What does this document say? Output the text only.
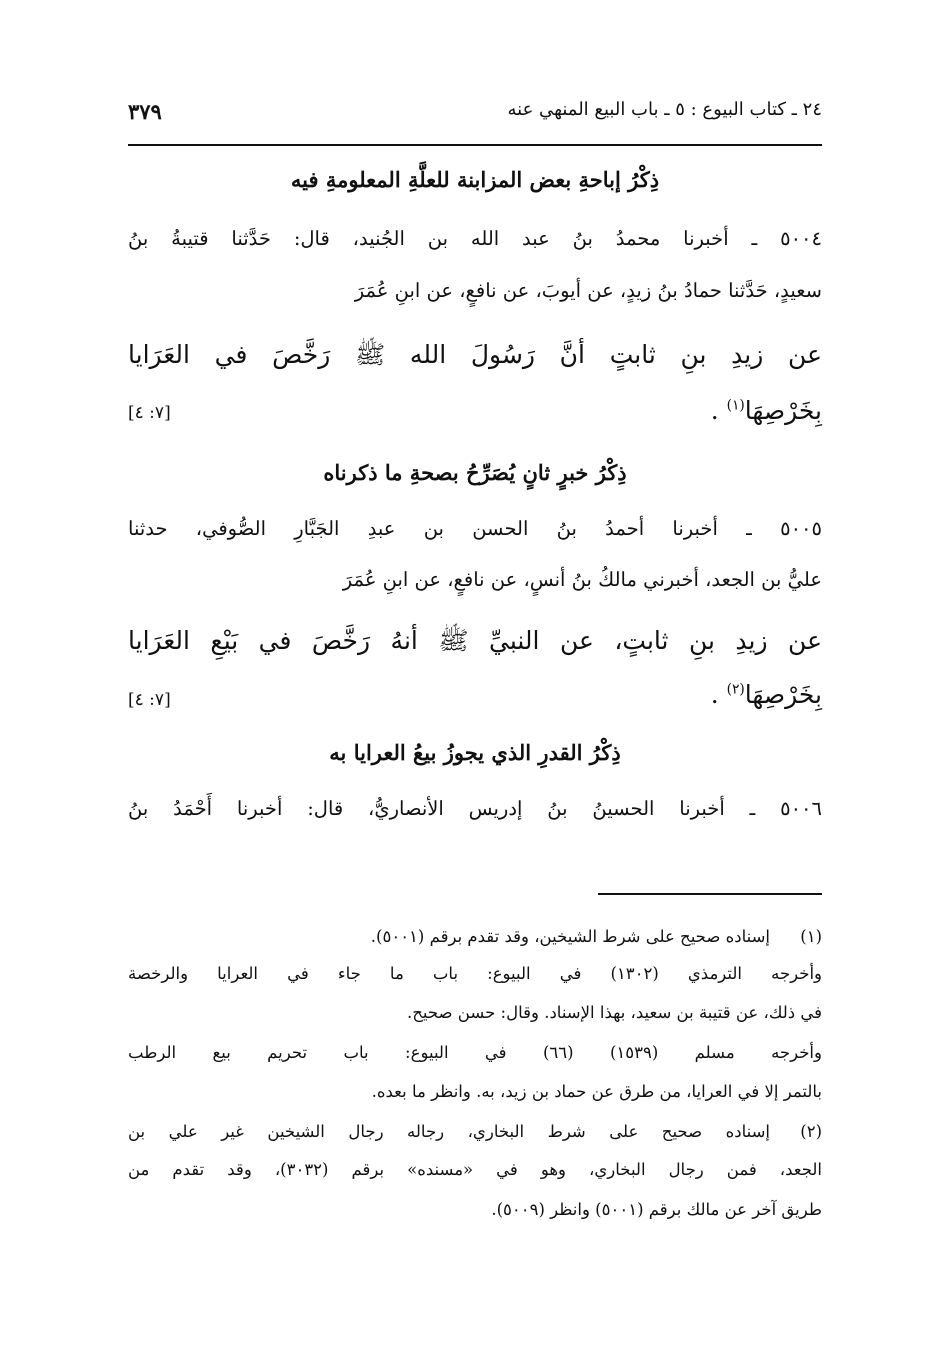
٢٤ ـ كتاب البيوع : ٥ ـ باب البيع المنهي عنه
٣٧٩
ذِكْرُ إباحةِ بعض المزابنة للعلَّةِ المعلومةِ فيه
٥٠٠٤ ـ أخبرنا محمدُ بنُ عبد الله بن الجُنيد، قال: حَدَّثنا قتيبةُ بنُ
سعيدٍ، حَدَّثنا حمادُ بنُ زيدٍ، عن أيوبَ، عن نافعٍ، عن ابنِ عُمَرَ
عن زيدِ بنِ ثابتٍ أنَّ رَسُولَ الله ﷺ رَخَّصَ في العَرَايا
بِخَرْصِهَا$^{(١)}$ .
[٧: ٤]
ذِكْرُ خبرٍ ثانٍ يُصَرِّحُ بصحةِ ما ذكرناه
٥٠٠٥ ـ أخبرنا أحمدُ بنُ الحسن بن عبدِ الجَبَّارِ الصُّوفي، حدثنا
عليُّ بن الجعد، أخبرني مالكُ بنُ أنسٍ، عن نافعٍ، عن ابنِ عُمَرَ
عن زيدِ بنِ ثابتٍ، عن النبيِّ ﷺ أنهُ رَخَّصَ في بَيْعِ العَرَايا
بِخَرْصِهَا$^{(٢)}$ .
[٧: ٤]
ذِكْرُ القدرِ الذي يجوزُ بيعُ العرايا به
٥٠٠٦ ـ أخبرنا الحسينُ بنُ إدريس الأنصاريُّ، قال: أخبرنا أَحْمَدُ بنُ
(١)
إسناده صحيح على شرط الشيخين، وقد تقدم برقم (٥٠٠١).
وأخرجه الترمذي (١٣٠٢) في البيوع: باب ما جاء في العرايا والرخصة
في ذلك، عن قتيبة بن سعيد، بهذا الإسناد. وقال: حسن صحيح.
وأخرجه مسلم (١٥٣٩) (٦٦) في البيوع: باب تحريم بيع الرطب
بالتمر إلا في العرايا، من طرق عن حماد بن زيد، به. وانظر ما بعده.
(٢)
إسناده صحيح على شرط البخاري، رجاله رجال الشيخين غير علي بن
الجعد، فمن رجال البخاري، وهو في «مسنده» برقم (٣٠٣٢)، وقد تقدم من
طريق آخر عن مالك برقم (٥٠٠١) وانظر (٥٠٠٩).
